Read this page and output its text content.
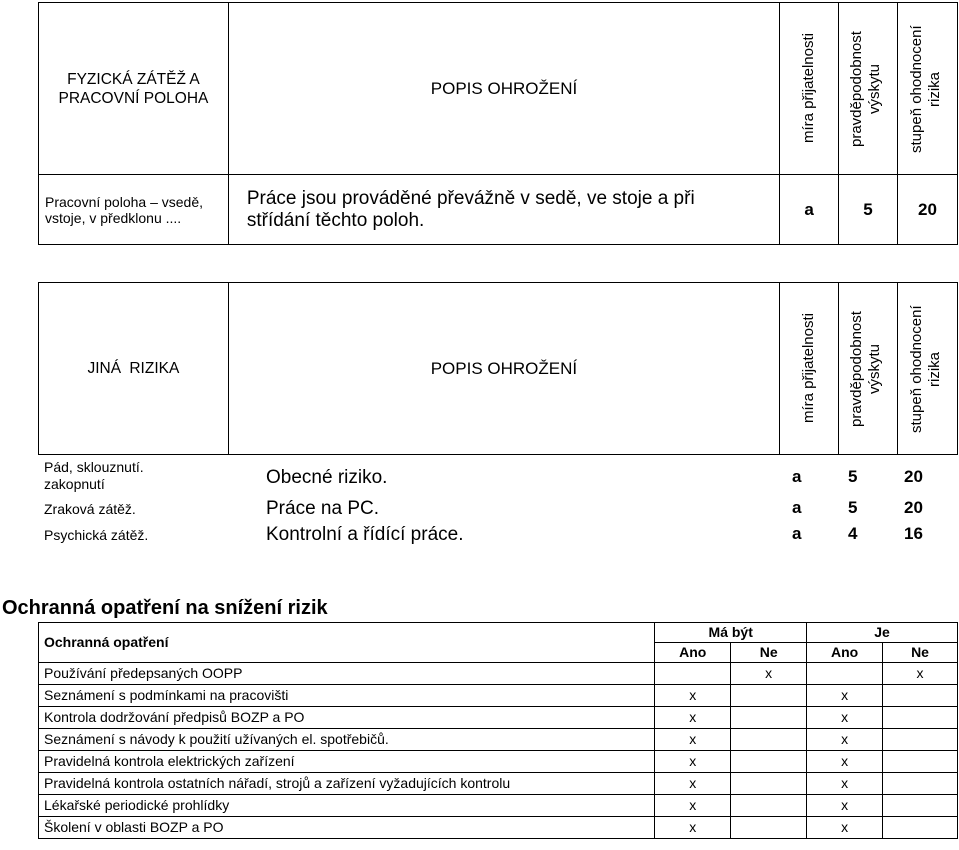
FYZICKÁ ZÁTĚŽ A PRACOVNÍ POLOHA	POPIS OHROŽENÍ	míra přijatelnosti	pravděpodobnost výskytu	stupeň ohodnocení rizika

Pracovní poloha – vsedě, vstoje, v předklonu ....	Práce jsou prováděné převážně v sedě, ve stoje a při střídání těchto poloh.	a	5	20
JINÁ RIZIKA	POPIS OHROŽENÍ	míra přijatelnosti	pravděpodobnost výskytu	stupeň ohodnocení rizika
Pád, sklouznutí. zakopnutí	Obecné riziko.	a	5	20
Zraková zátěž.	Práce na PC.	a	5	20
Psychická zátěž.	Kontrolní a řídící práce.	a	4	16
Ochranná opatření na snížení rizik
Ochranná opatření	Má být		Je	
	Ano	Ne	Ano	Ne
Používání předepsaných OOPP		x		x
Seznámení s podmínkami na pracovišti	x		x	
Kontrola dodržování předpisů BOZP a PO	x		x	
Seznámení s návody k použití užívaných el. spotřebičů.	x		x	
Pravidelná kontrola elektrických zařízení	x		x	
Pravidelná kontrola ostatních nářadí, strojů a zařízení vyžadujících kontrolu	x		x	
Lékařské periodické prohlídky	x		x	
Školení v oblasti BOZP a PO	x		x	
